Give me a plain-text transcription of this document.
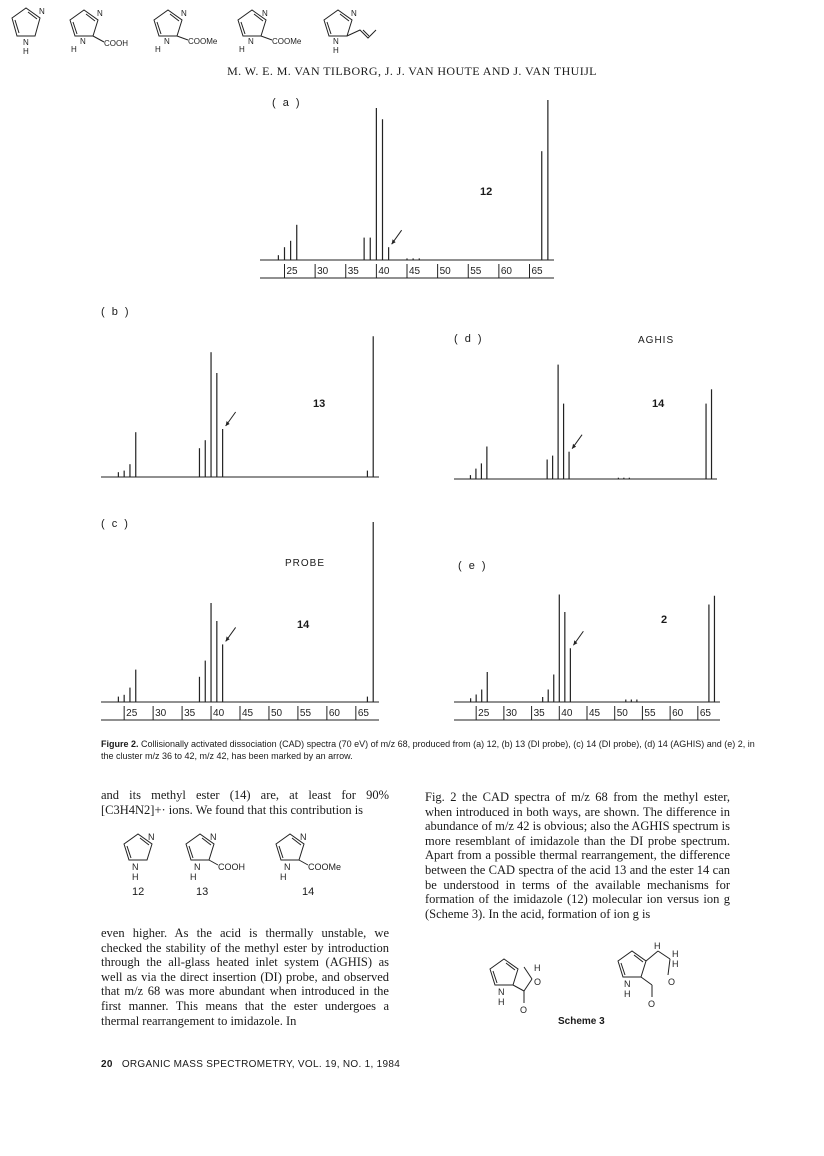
M. W. E. M. VAN TILBORG, J. J. VAN HOUTE AND J. VAN THUIJL
( a )
25 30 35 40 45 50 55 60 65
N
N
H

12
( b )
N
N
H
COOH

13
( d )	AGHIS
N
N
H
COOMe

14
( c )
PROBE
25 30 35 40 45 50 55 60 65
N
N
H
COOMe

14
( e )
25 30 35 40 45 50 55 60 65
N
N
H
2
Figure 2. Collisionally activated dissociation (CAD) spectra (70 eV) of m/z 68, produced from (a) 12, (b) 13 (DI probe), (c) 14 (DI probe), (d) 14 (AGHIS) and (e) 2, in the cluster m/z 36 to 42, m/z 42, has been marked by an arrow.
and its methyl ester (14) are, at least for 90% [C3H4N2]+· ions. We found that this contribution is
N
N
H
N
N
H
COOH
N
N
H
COOMe
12	13	14
even higher. As the acid is thermally unstable, we checked the stability of the methyl ester by introduction through the all-glass heated inlet system (AGHIS) as well as via the direct insertion (DI) probe, and observed that m/z 68 was more abundant when introduced in the first manner. This means that the ester undergoes a thermal rearrangement to imidazole. In
Fig. 2 the CAD spectra of m/z 68 from the methyl ester, when introduced in both ways, are shown. The difference in abundance of m/z 42 is obvious; also the AGHIS spectrum is more resemblant of imidazole than the DI probe spectrum. Apart from a possible thermal rearrangement, the difference between the CAD spectra of the acid 13 and the ester 14 can be understood in terms of the available mechanisms for formation of the imidazole (12) molecular ion versus ion g (Scheme 3). In the acid, formation of ion g is
N
H
H
O
O
N
H
H
H
H
O
O
Scheme 3
20 ORGANIC MASS SPECTROMETRY, VOL. 19, NO. 1, 1984
